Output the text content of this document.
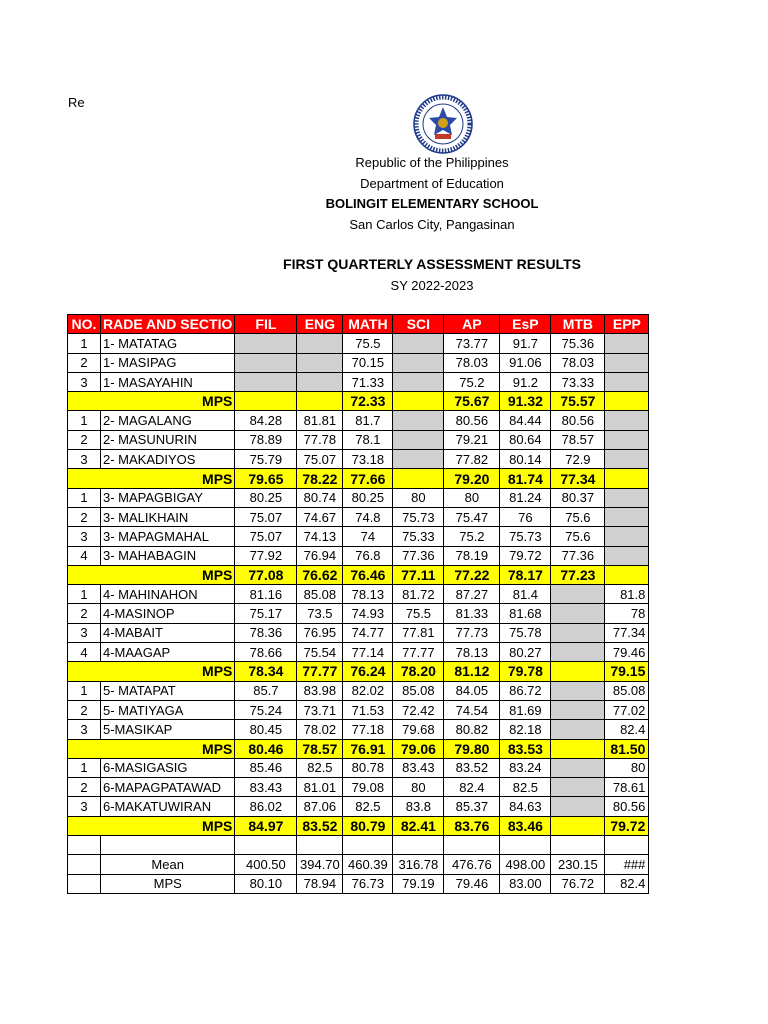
Re
Republic of the Philippines
Department of Education
BOLINGIT ELEMENTARY SCHOOL
San Carlos City, Pangasinan
FIRST QUARTERLY ASSESSMENT RESULTS
SY 2022-2023
NO.	RADE AND SECTIO	FIL	ENG	MATH	SCI	AP	EsP	MTB	EPP
1	1- MATATAG			75.5		73.77	91.7	75.36	
2	1- MASIPAG			70.15		78.03	91.06	78.03	
3	1- MASAYAHIN			71.33		75.2	91.2	73.33	
MPS				72.33		75.67	91.32	75.57	
1	2- MAGALANG	84.28	81.81	81.7		80.56	84.44	80.56	
2	2- MASUNURIN	78.89	77.78	78.1		79.21	80.64	78.57	
3	2- MAKADIYOS	75.79	75.07	73.18		77.82	80.14	72.9	
MPS		79.65	78.22	77.66		79.20	81.74	77.34	
1	3- MAPAGBIGAY	80.25	80.74	80.25	80	80	81.24	80.37	
2	3- MALIKHAIN	75.07	74.67	74.8	75.73	75.47	76	75.6	
3	3- MAPAGMAHAL	75.07	74.13	74	75.33	75.2	75.73	75.6	
4	3- MAHABAGIN	77.92	76.94	76.8	77.36	78.19	79.72	77.36	
MPS		77.08	76.62	76.46	77.11	77.22	78.17	77.23	
1	4- MAHINAHON	81.16	85.08	78.13	81.72	87.27	81.4		81.8
2	4-MASINOP	75.17	73.5	74.93	75.5	81.33	81.68		78
3	4-MABAIT	78.36	76.95	74.77	77.81	77.73	75.78		77.34
4	4-MAAGAP	78.66	75.54	77.14	77.77	78.13	80.27		79.46
MPS		78.34	77.77	76.24	78.20	81.12	79.78		79.15
1	5- MATAPAT	85.7	83.98	82.02	85.08	84.05	86.72		85.08
2	5- MATIYAGA	75.24	73.71	71.53	72.42	74.54	81.69		77.02
3	5-MASIKAP	80.45	78.02	77.18	79.68	80.82	82.18		82.4
MPS		80.46	78.57	76.91	79.06	79.80	83.53		81.50
1	6-MASIGASIG	85.46	82.5	80.78	83.43	83.52	83.24		80
2	6-MAPAGPATAWAD	83.43	81.01	79.08	80	82.4	82.5		78.61
3	6-MAKATUWIRAN	86.02	87.06	82.5	83.8	85.37	84.63		80.56
MPS		84.97	83.52	80.79	82.41	83.76	83.46		79.72

	Mean	400.50	394.70	460.39	316.78	476.76	498.00	230.15	###
	MPS	80.10	78.94	76.73	79.19	79.46	83.00	76.72	82.4
